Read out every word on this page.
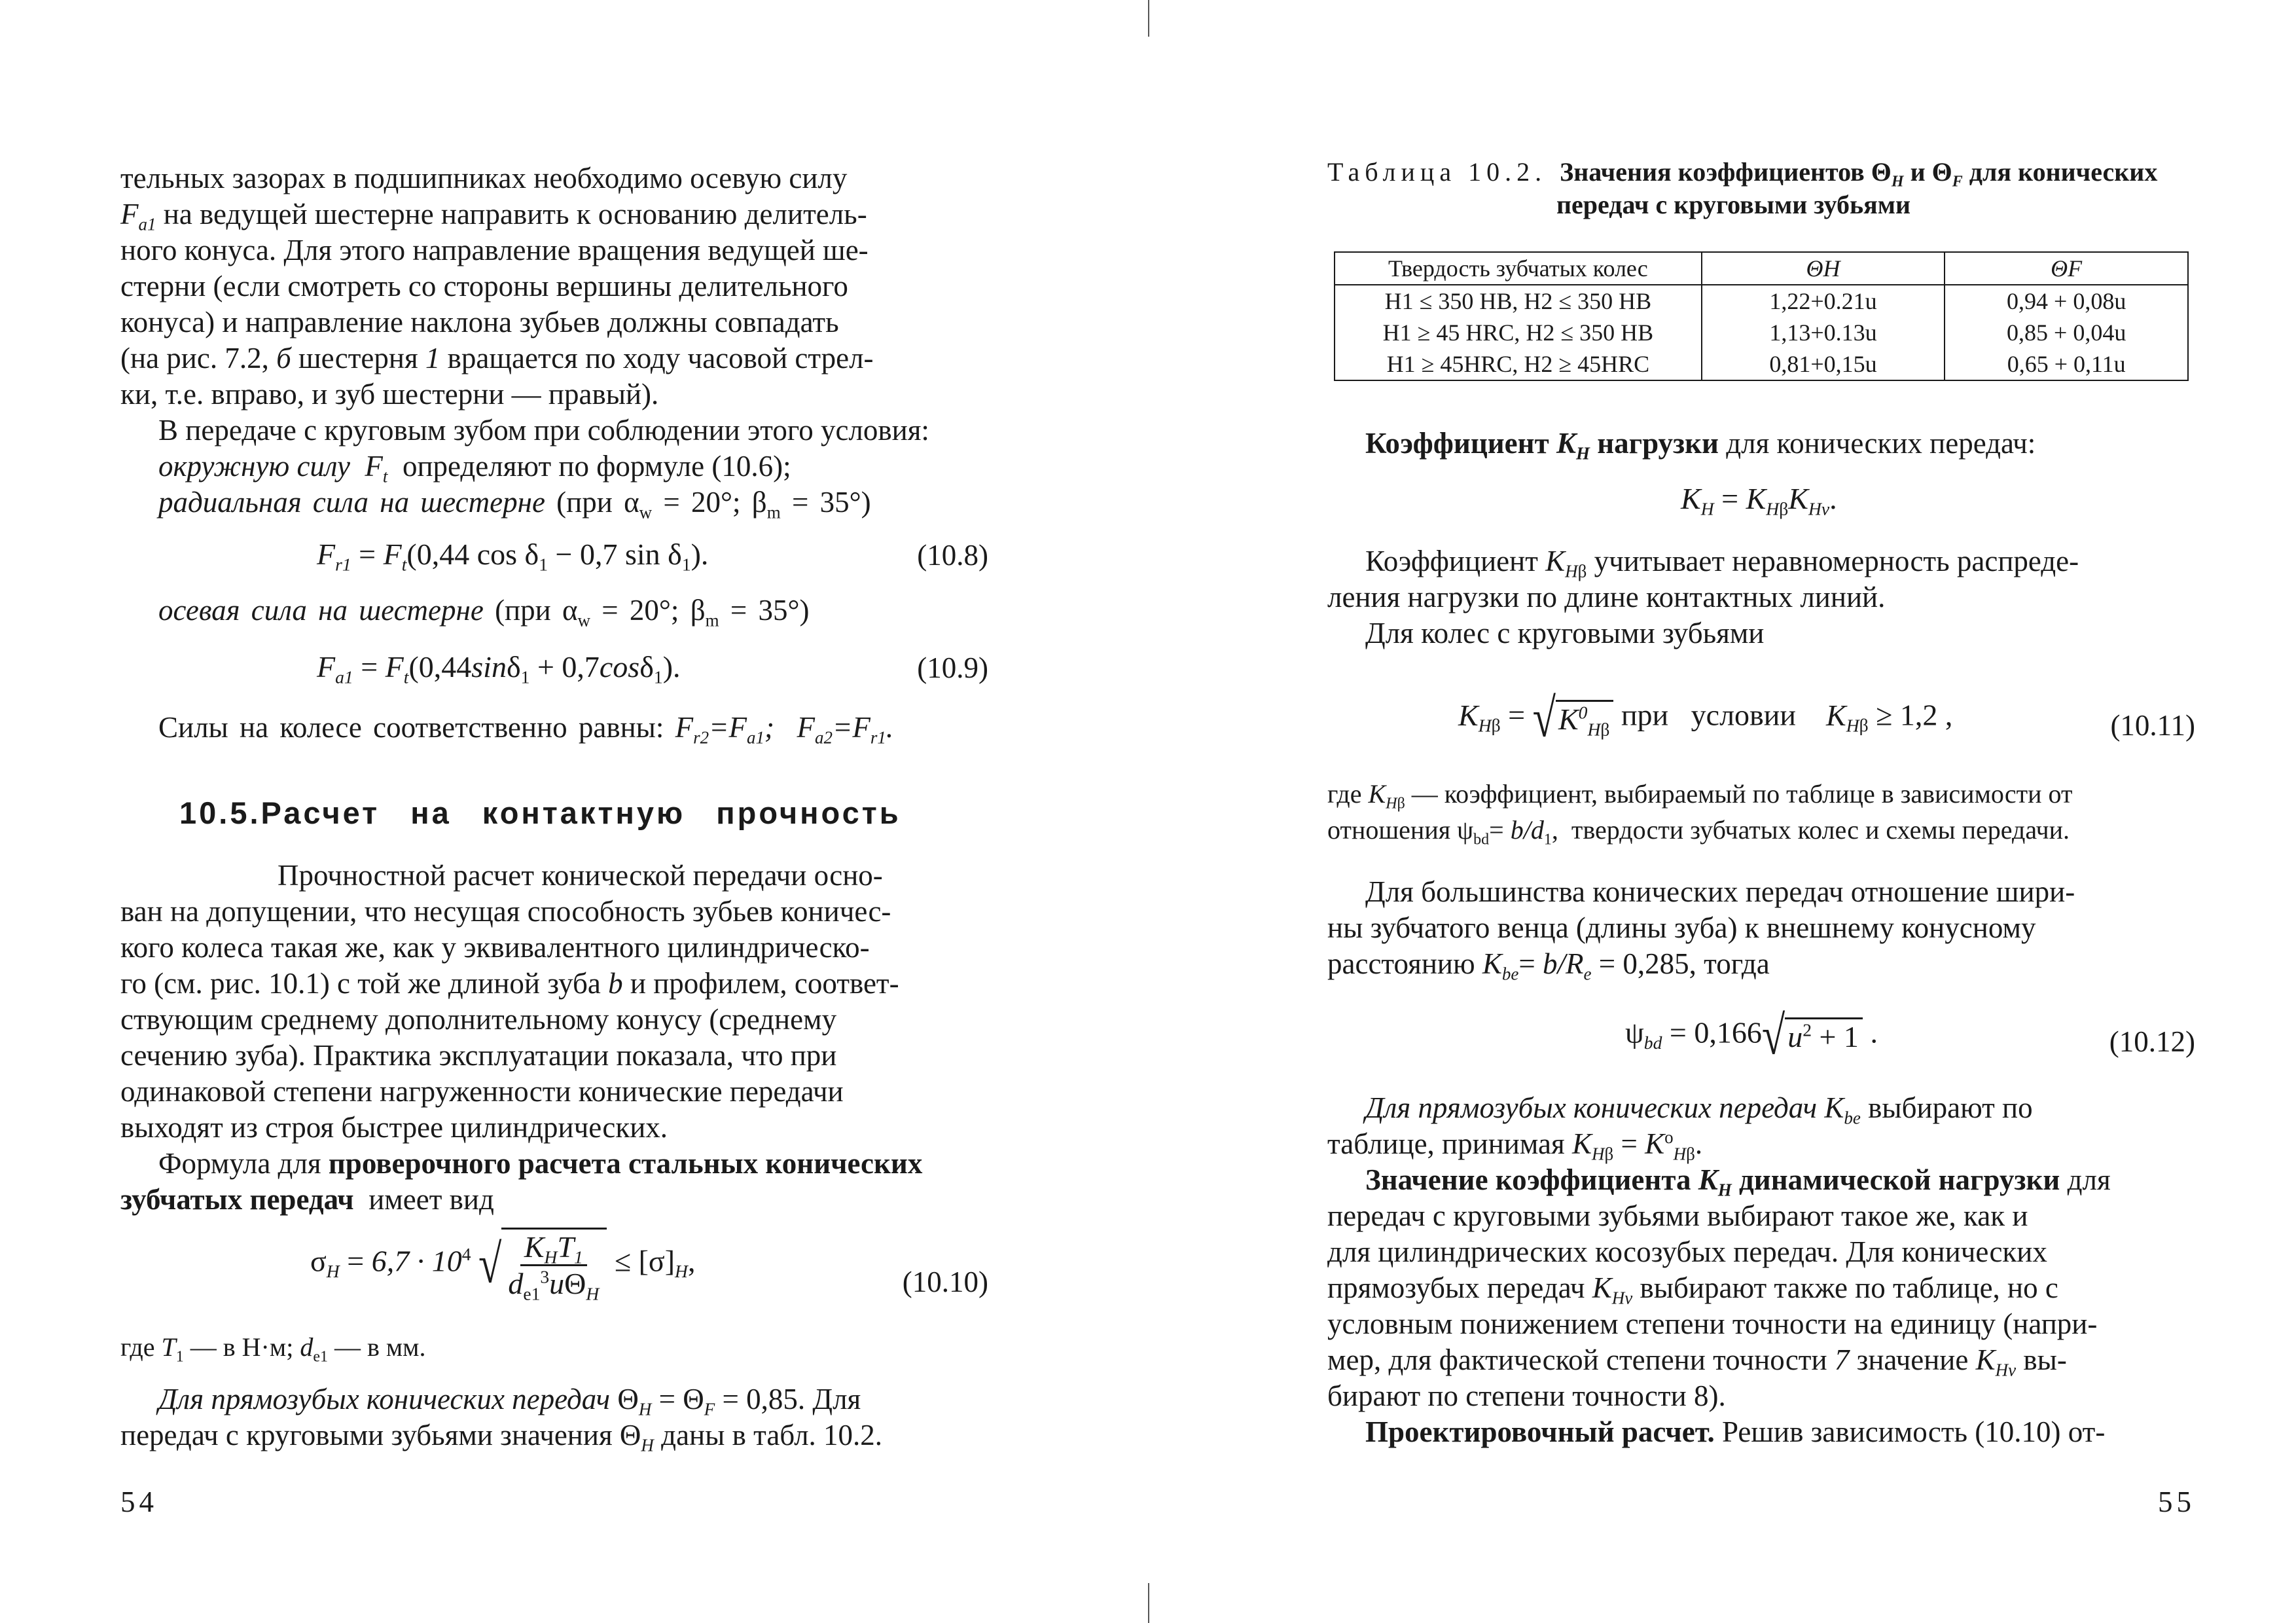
тельных зазорах в подшипниках необходимо осевую силу
$F_{a1}$ на ведущей шестерне направить к основанию делитель-
ного конуса. Для этого направление вращения ведущей ше-
стерни (если смотреть со стороны вершины делительного
конуса) и направление наклона зубьев должны совпадать
(на рис. 7.2, б шестерня 1 вращается по ходу часовой стрел-
ки, т.е. вправо, и зуб шестерни — правый).
В передаче с круговым зубом при соблюдении этого условия:
окружную силу $F_t$ определяют по формуле (10.6);
радиальная сила на шестерне (при $\alpha_w = 20^\circ$; $\beta_m = 35^\circ$)
$F_{r1} = F_t(0,44$ $\cos \delta_1 - 0,7$ $\sin \delta_1$).	(10.8)
осевая сила на шестерне (при $\alpha_w = 20^\circ$; $\beta_m = 35^\circ$)
$F_{a1} = F_t(0,44\sin\delta_1 + 0,7\cos\delta_1)$.	(10.9)
Силы на колесе соответственно равны: $F_{r2}=F_{a1}$;  $F_{a2}=F_{r1}$.
10.5.Расчет на контактную прочность
Прочностной расчет конической передачи осно-
ван на допущении, что несущая способность зубьев коничес-
кого колеса такая же, как у эквивалентного цилиндрическо-
го (см. рис. 10.1) с той же длиной зуба b и профилем, соответ-
ствующим среднему дополнительному конусу (среднему
сечению зуба). Практика эксплуатации показала, что при
одинаковой степени нагруженности конические передачи
выходят из строя быстрее цилиндрических.
Формула для проверочного расчета стальных конических
зубчатых передач имеет вид
$\sigma_H = 6,7 \cdot 10^4$ √ $\frac{K_HT_1}{d_{e1}^3u\Theta_H} \le [\sigma]_H$,
(10.10)
где $T_1$ — в Н·м; $d_{e1}$ — в мм.
Для прямозубых конических передач $\Theta_H = \Theta_F = 0,85$. Для
передач с круговыми зубьями значения $\Theta_H$ даны в табл. 10.2.
54
Таблица 10.2. Значения коэффициентов $\Theta_H$ и $\Theta_F$ для конических
передач с круговыми зубьями
Твердость зубчатых колес	ΘH	ΘF
H1 ≤ 350 HB, H2 ≤ 350 HB	1,22+0.21u	0,94 + 0,08u
H1 ≥ 45 HRC, H2 ≤ 350 HB	1,13+0.13u	0,85 + 0,04u
H1 ≥ 45HRC, H2 ≥ 45HRC	0,81+0,15u	0,65 + 0,11u
Коэффициент $K_H$ нагрузки для конических передач:
$K_H = K_{H\beta}K_{Hv}$.
Коэффициент $K_{H\beta}$ учитывает неравномерность распреде-
ления нагрузки по длине контактных линий.
Для колес с круговыми зубьями
$K_{H\beta} = √K^0_{H\beta}$ при условии $K_{H\beta} \ge 1,2$ ,	(10.11)
где $K_{H\beta}$ — коэффициент, выбираемый по таблице в зависимости от
отношения $\psi_{bd}= b/d_1$,  твердости зубчатых колес и схемы передачи.
Для большинства конических передач отношение шири-
ны зубчатого венца (длины зуба) к внешнему конусному
расстоянию $K_{be}= b/R_e = 0,285$, тогда
$\psi_{bd} = 0,166√u^2 + 1$ .	(10.12)
Для прямозубых конических передач $K_{be}$ выбирают по
таблице, принимая $K_{H\beta} = K^o_{H\beta}$.
Значение коэффициента $K_H$ динамической нагрузки для
передач с круговыми зубьями выбирают такое же, как и
для цилиндрических косозубых передач. Для конических
прямозубых передач $K_{Hv}$ выбирают также по таблице, но с
условным понижением степени точности на единицу (напри-
мер, для фактической степени точности 7 значение $K_{Hv}$ вы-
бирают по степени точности 8).
Проектировочный расчет. Решив зависимость (10.10) от-
55
